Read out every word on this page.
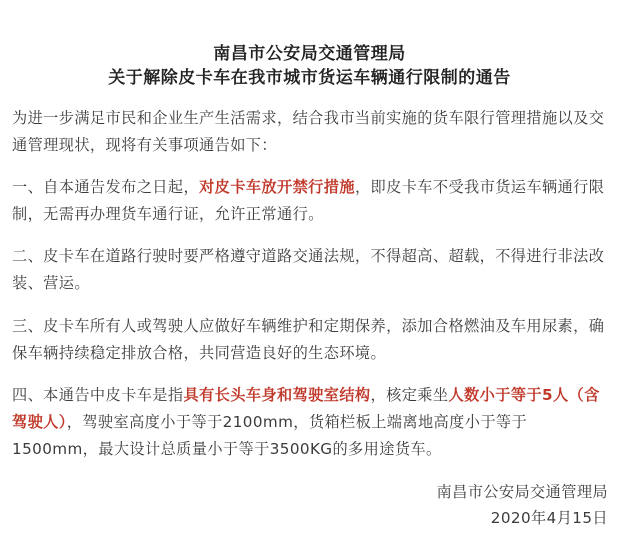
南昌市公安局交通管理局
关于解除皮卡车在我市城市货运车辆通行限制的通告

为进一步满足市民和企业生产生活需求，结合我市当前实施的货车限行管理措施以及交通管理现状，现将有关事项通告如下：

一、自本通告发布之日起，对皮卡车放开禁行措施，即皮卡车不受我市货运车辆通行限制，无需再办理货车通行证，允许正常通行。

二、皮卡车在道路行驶时要严格遵守道路交通法规，不得超高、超载，不得进行非法改装、营运。

三、皮卡车所有人或驾驶人应做好车辆维护和定期保养，添加合格燃油及车用尿素，确保车辆持续稳定排放合格，共同营造良好的生态环境。

四、本通告中皮卡车是指具有长头车身和驾驶室结构，核定乘坐人数小于等于5人（含驾驶人），驾驶室高度小于等于2100mm，货箱栏板上端离地高度小于等于1500mm，最大设计总质量小于等于3500KG的多用途货车。

南昌市公安局交通管理局
2020年4月15日
